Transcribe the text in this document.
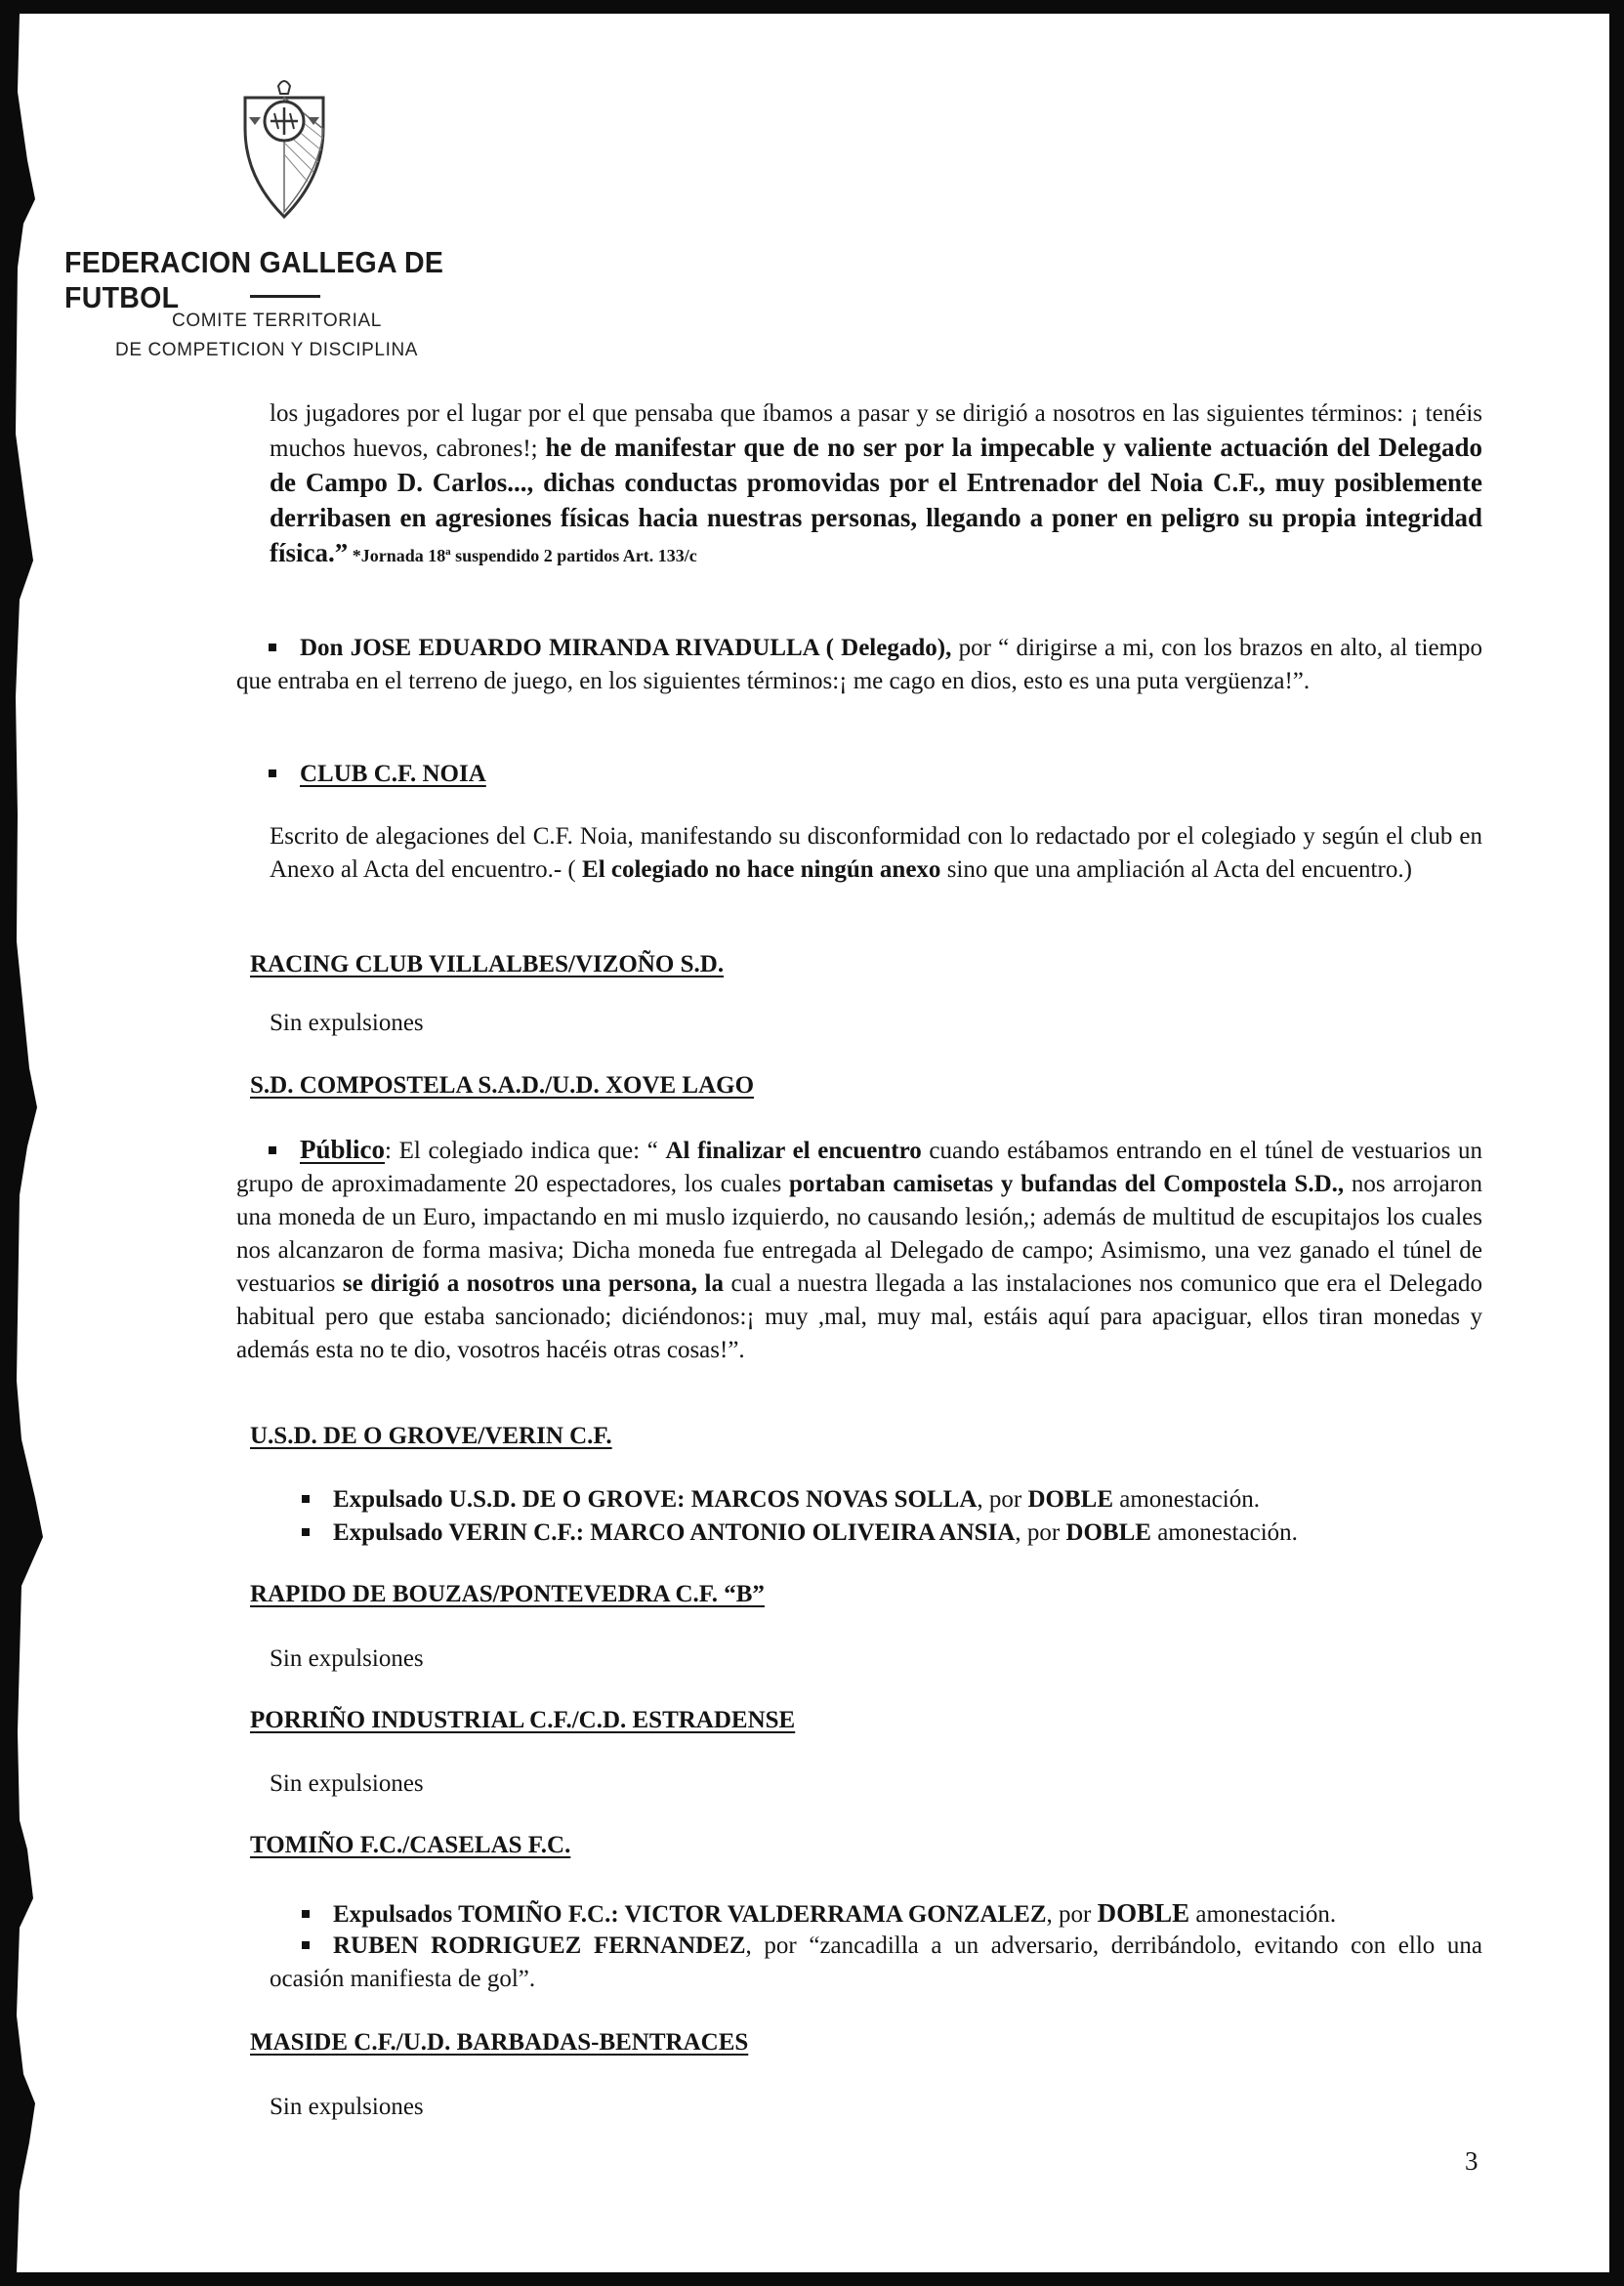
FEDERACION GALLEGA DE FUTBOL
COMITE TERRITORIAL
DE COMPETICION Y DISCIPLINA
los jugadores por el lugar por el que pensaba que íbamos a pasar y se dirigió a nosotros en las siguientes términos: ¡ tenéis muchos huevos, cabrones!; he de manifestar que de no ser por la impecable y valiente actuación del Delegado de Campo D. Carlos..., dichas conductas promovidas por el Entrenador del Noia C.F., muy posiblemente derribasen en agresiones físicas hacia nuestras personas, llegando a poner en peligro su propia integridad física.” *Jornada 18ª suspendido 2 partidos Art. 133/c
Don JOSE EDUARDO MIRANDA RIVADULLA ( Delegado), por “ dirigirse a mi, con los brazos en alto, al tiempo que entraba en el terreno de juego, en los siguientes términos:¡ me cago en dios, esto es una puta vergüenza!”.
CLUB C.F. NOIA
Escrito de alegaciones del C.F. Noia, manifestando su disconformidad con lo redactado por el colegiado y según el club en Anexo al Acta del encuentro.- ( El colegiado no hace ningún anexo sino que una ampliación al Acta del encuentro.)
RACING CLUB VILLALBES/VIZOÑO S.D.
Sin expulsiones
S.D. COMPOSTELA S.A.D./U.D. XOVE LAGO
Público: El colegiado indica que: “ Al finalizar el encuentro cuando estábamos entrando en el túnel de vestuarios un grupo de aproximadamente 20 espectadores, los cuales portaban camisetas y bufandas del Compostela S.D., nos arrojaron una moneda de un Euro, impactando en mi muslo izquierdo, no causando lesión,; además de multitud de escupitajos los cuales nos alcanzaron de forma masiva; Dicha moneda fue entregada al Delegado de campo; Asimismo, una vez ganado el túnel de vestuarios se dirigió a nosotros una persona, la cual a nuestra llegada a las instalaciones nos comunico que era el Delegado habitual pero que estaba sancionado; diciéndonos:¡ muy ,mal, muy mal, estáis aquí para apaciguar, ellos tiran monedas y además esta no te dio, vosotros hacéis otras cosas!”.
U.S.D. DE O GROVE/VERIN C.F.
Expulsado U.S.D. DE O GROVE: MARCOS NOVAS SOLLA, por DOBLE amonestación.
Expulsado VERIN C.F.: MARCO ANTONIO OLIVEIRA ANSIA, por DOBLE amonestación.
RAPIDO DE BOUZAS/PONTEVEDRA C.F. “B”
Sin expulsiones
PORRIÑO INDUSTRIAL C.F./C.D. ESTRADENSE
Sin expulsiones
TOMIÑO F.C./CASELAS F.C.
Expulsados TOMIÑO F.C.: VICTOR VALDERRAMA GONZALEZ, por DOBLE amonestación.
RUBEN RODRIGUEZ FERNANDEZ, por “zancadilla a un adversario, derribándolo, evitando con ello una ocasión manifiesta de gol”.
MASIDE C.F./U.D. BARBADAS-BENTRACES
Sin expulsiones
3
